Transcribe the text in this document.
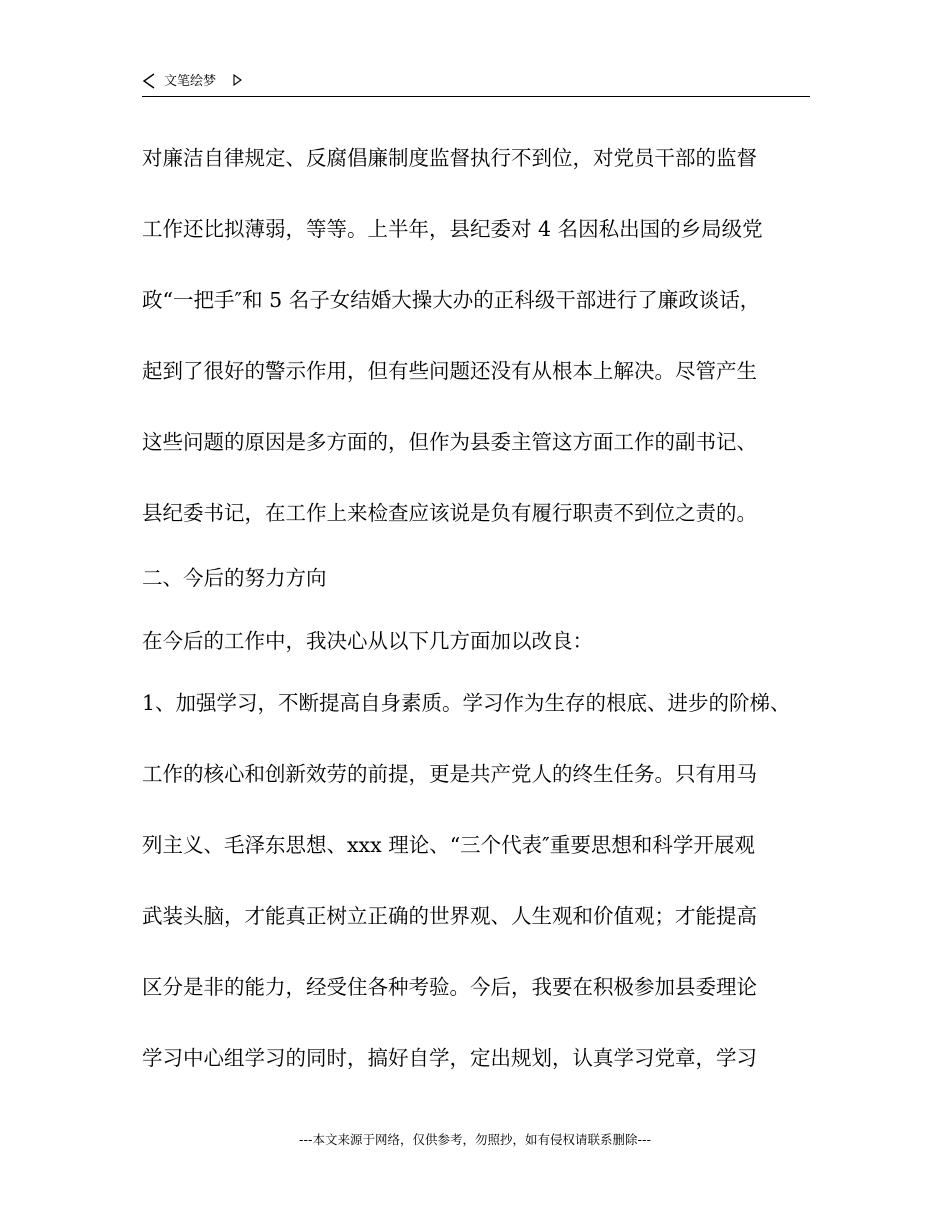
文笔绘梦
对廉洁自律规定、反腐倡廉制度监督执行不到位，对党员干部的监督
工作还比拟薄弱，等等。上半年，县纪委对 4 名因私出国的乡局级党
政“一把手″和 5 名子女结婚大操大办的正科级干部进行了廉政谈话，
起到了很好的警示作用，但有些问题还没有从根本上解决。尽管产生
这些问题的原因是多方面的，但作为县委主管这方面工作的副书记、
县纪委书记，在工作上来检查应该说是负有履行职责不到位之责的。
二、今后的努力方向
在今后的工作中，我决心从以下几方面加以改良：
1、加强学习，不断提高自身素质。学习作为生存的根底、进步的阶梯、
工作的核心和创新效劳的前提，更是共产党人的终生任务。只有用马
列主义、毛泽东思想、xxx 理论、“三个代表″重要思想和科学开展观
武装头脑，才能真正树立正确的世界观、人生观和价值观；才能提高
区分是非的能力，经受住各种考验。今后，我要在积极参加县委理论
学习中心组学习的同时，搞好自学，定出规划，认真学习党章，学习
---本文来源于网络，仅供参考，勿照抄，如有侵权请联系删除---
